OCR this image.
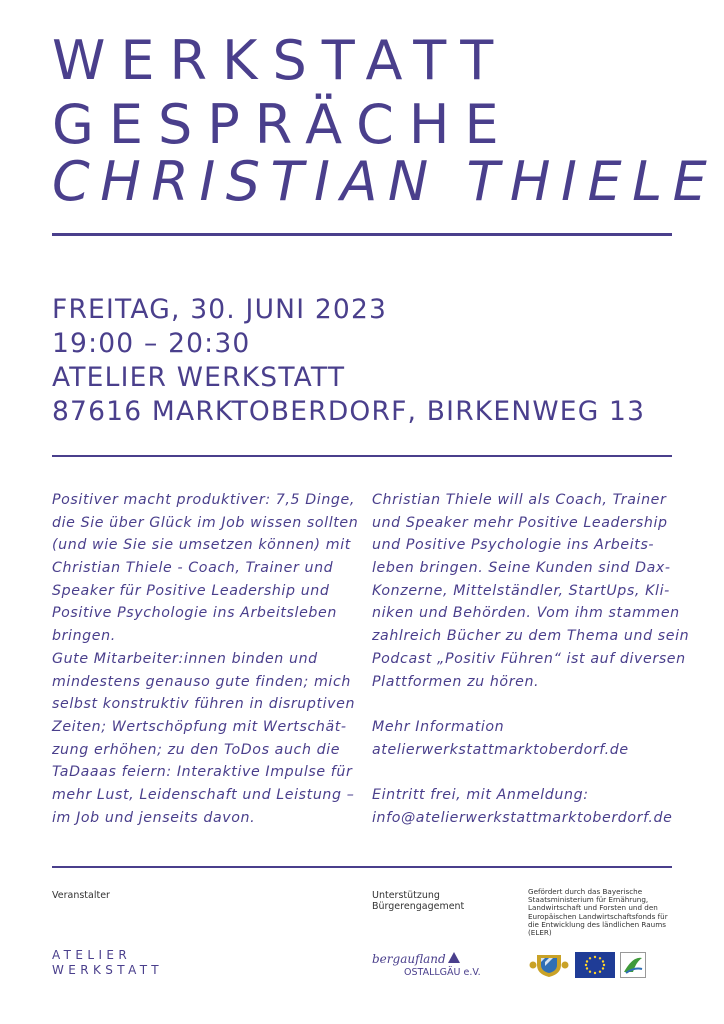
WERKSTATT
GESPRÄCHE
CHRISTIAN THIELE
FREITAG, 30. JUNI 2023
19:00 – 20:30
ATELIER WERKSTATT
87616 MARKTOBERDORF, BIRKENWEG 13
Positiver macht produktiver: 7,5 Dinge,
die Sie über Glück im Job wissen sollten
(und wie Sie sie umsetzen können) mit
Christian Thiele - Coach, Trainer und
Speaker für Positive Leadership und
Positive Psychologie ins Arbeitsleben
bringen.
Gute Mitarbeiter:innen binden und
mindestens genauso gute finden; mich
selbst konstruktiv führen in disruptiven
Zeiten; Wertschöpfung mit Wertschät-
zung erhöhen; zu den ToDos auch die
TaDaaas feiern: Interaktive Impulse für
mehr Lust, Leidenschaft und Leistung –
im Job und jenseits davon.
Christian Thiele will als Coach, Trainer
und Speaker mehr Positive Leadership
und Positive Psychologie ins Arbeits-
leben bringen. Seine Kunden sind Dax-
Konzerne, Mittelständler, StartUps, Kli-
niken und Behörden. Vom ihm stammen
zahlreich Bücher zu dem Thema und sein
Podcast „Positiv Führen“ ist auf diversen
Plattformen zu hören.
Mehr Information
atelierwerkstattmarktoberdorf.de
Eintritt frei, mit Anmeldung:
info@atelierwerkstattmarktoberdorf.de
Veranstalter
ATELIER
WERKSTATT
Unterstützung
Bürgerengagement
bergaufland
OSTALLGÄU e.V.
Gefördert durch das Bayerische
Staatsministerium für Ernährung,
Landwirtschaft und Forsten und den
Europäischen Landwirtschaftsfonds für
die Entwicklung des ländlichen Raums
(ELER)
